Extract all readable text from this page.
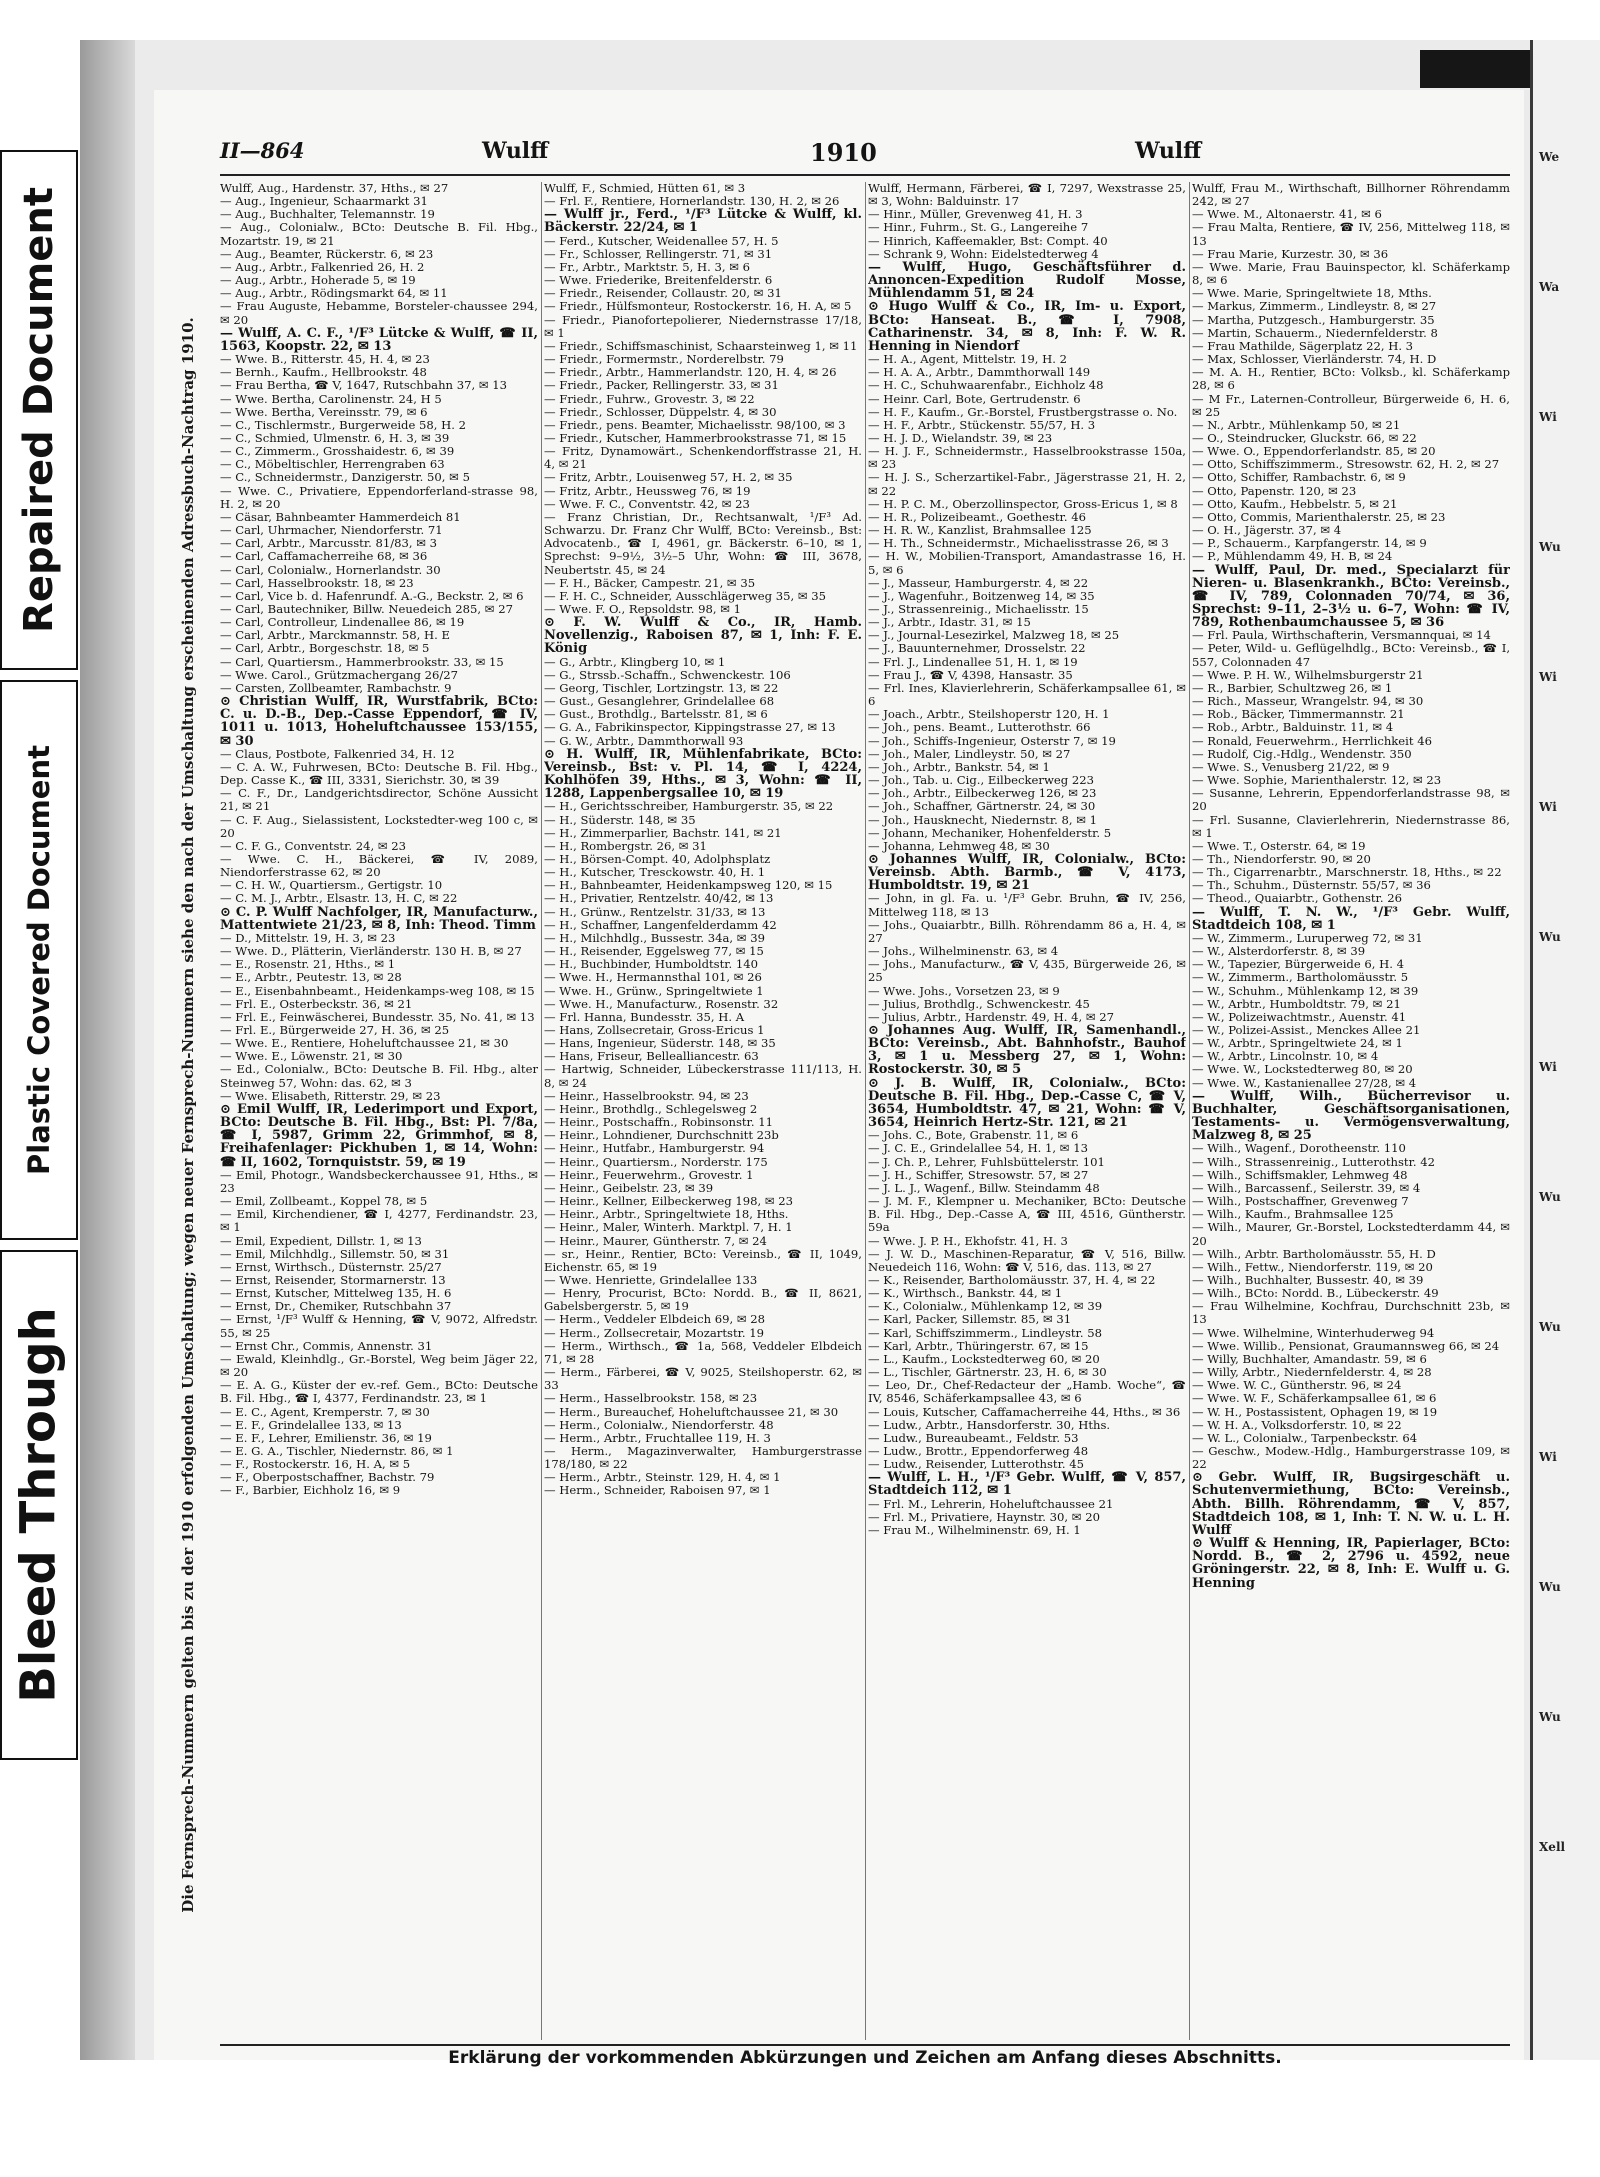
Repaired Document
Plastic Covered Document
Bleed Through
We
Wa
Wi
Wu
Wi
Wi
Wu
Wi
Wu
Wu
Wi
Wu
Wu
Xell
II—864	Wulff	1910	Wulff
Die Fernsprech-Nummern gelten bis zu der 1910 erfolgenden Umschaltung; wegen neuer Fernsprech-Nummern siehe den nach der Umschaltung erscheinenden Adressbuch-Nachtrag 1910.
Wulff, Aug., Hardenstr. 37, Hths., ✉ 27
— Aug., Ingenieur, Schaarmarkt 31
— Aug., Buchhalter, Telemannstr. 19
— Aug., Colonialw., BCto: Deutsche B. Fil. Hbg., Mozartstr. 19, ✉ 21
— Aug., Beamter, Rückerstr. 6, ✉ 23
— Aug., Arbtr., Falkenried 26, H. 2
— Aug., Arbtr., Hoherade 5, ✉ 19
— Aug., Arbtr., Rödingsmarkt 64, ✉ 11
— Frau Auguste, Hebamme, Borsteler-chaussee 294, ✉ 20
— Wulff, A. C. F., ¹/F³ Lütcke & Wulff, ☎ II, 1563, Koopstr. 22, ✉ 13
— Wwe. B., Ritterstr. 45, H. 4, ✉ 23
— Bernh., Kaufm., Hellbrookstr. 48
— Frau Bertha, ☎ V, 1647, Rutschbahn 37, ✉ 13
— Wwe. Bertha, Carolinenstr. 24, H 5
— Wwe. Bertha, Vereinsstr. 79, ✉ 6
— C., Tischlermstr., Burgerweide 58, H. 2
— C., Schmied, Ulmenstr. 6, H. 3, ✉ 39
— C., Zimmerm., Grosshaidestr. 6, ✉ 39
— C., Möbeltischler, Herrengraben 63
— C., Schneidermstr., Danzigerstr. 50, ✉ 5
— Wwe. C., Privatiere, Eppendorferland-strasse 98, H. 2, ✉ 20
— Cäsar, Bahnbeamter Hammerdeich 81
— Carl, Uhrmacher, Niendorferstr. 71
— Carl, Arbtr., Marcusstr. 81/83, ✉ 3
— Carl, Caffamacherreihe 68, ✉ 36
— Carl, Colonialw., Hornerlandstr. 30
— Carl, Hasselbrookstr. 18, ✉ 23
— Carl, Vice b. d. Hafenrundf. A.-G., Beckstr. 2, ✉ 6
— Carl, Bautechniker, Billw. Neuedeich 285, ✉ 27
— Carl, Controlleur, Lindenallee 86, ✉ 19
— Carl, Arbtr., Marckmannstr. 58, H. E
— Carl, Arbtr., Borgeschstr. 18, ✉ 5
— Carl, Quartiersm., Hammerbrookstr. 33, ✉ 15
— Wwe. Carol., Grützmachergang 26/27
— Carsten, Zollbeamter, Rambachstr. 9
⊙ Christian Wulff, IR, Wurstfabrik, BCto: C. u. D.-B., Dep.-Casse Eppendorf, ☎ IV, 1011 u. 1013, Hoheluftchaussee 153/155, ✉ 30
— Claus, Postbote, Falkenried 34, H. 12
— C. A. W., Fuhrwesen, BCto: Deutsche B. Fil. Hbg., Dep. Casse K., ☎ III, 3331, Sierichstr. 30, ✉ 39
— C. F., Dr., Landgerichtsdirector, Schöne Aussicht 21, ✉ 21
— C. F. Aug., Sielassistent, Lockstedter-weg 100 c, ✉ 20
— C. F. G., Conventstr. 24, ✉ 23
— Wwe. C. H., Bäckerei, ☎ IV, 2089, Niendorferstrasse 62, ✉ 20
— C. H. W., Quartiersm., Gertigstr. 10
— C. M. J., Arbtr., Elsastr. 13, H. C, ✉ 22
⊙ C. P. Wulff Nachfolger, IR, Manufacturw., Mattentwiete 21/23, ✉ 8, Inh: Theod. Timm
— D., Mittelstr. 19, H. 3, ✉ 23
— Wwe. D., Plätterin, Vierländerstr. 130 H. B, ✉ 27
— E., Rosenstr. 21, Hths., ✉ 1
— E., Arbtr., Peutestr. 13, ✉ 28
— E., Eisenbahnbeamt., Heidenkamps-weg 108, ✉ 15
— Frl. E., Osterbeckstr. 36, ✉ 21
— Frl. E., Feinwäscherei, Bundesstr. 35, No. 41, ✉ 13
— Frl. E., Bürgerweide 27, H. 36, ✉ 25
— Wwe. E., Rentiere, Hoheluftchaussee 21, ✉ 30
— Wwe. E., Löwenstr. 21, ✉ 30
— Ed., Colonialw., BCto: Deutsche B. Fil. Hbg., alter Steinweg 57, Wohn: das. 62, ✉ 3
— Wwe. Elisabeth, Ritterstr. 29, ✉ 23
⊙ Emil Wulff, IR, Lederimport und Export, BCto: Deutsche B. Fil. Hbg., Bst: Pl. 7/8a, ☎ I, 5987, Grimm 22, Grimmhof, ✉ 8, Freihafenlager: Pickhuben 1, ✉ 14, Wohn: ☎ II, 1602, Tornquiststr. 59, ✉ 19
— Emil, Photogr., Wandsbeckerchaussee 91, Hths., ✉ 23
— Emil, Zollbeamt., Koppel 78, ✉ 5
— Emil, Kirchendiener, ☎ I, 4277, Ferdinandstr. 23, ✉ 1
— Emil, Expedient, Dillstr. 1, ✉ 13
— Emil, Milchhdlg., Sillemstr. 50, ✉ 31
— Ernst, Wirthsch., Düsternstr. 25/27
— Ernst, Reisender, Stormarnerstr. 13
— Ernst, Kutscher, Mittelweg 135, H. 6
— Ernst, Dr., Chemiker, Rutschbahn 37
— Ernst, ¹/F³ Wulff & Henning, ☎ V, 9072, Alfredstr. 55, ✉ 25
— Ernst Chr., Commis, Annenstr. 31
— Ewald, Kleinhdlg., Gr.-Borstel, Weg beim Jäger 22, ✉ 20
— E. A. G., Küster der ev.-ref. Gem., BCto: Deutsche B. Fil. Hbg., ☎ I, 4377, Ferdinandstr. 23, ✉ 1
— E. C., Agent, Kremperstr. 7, ✉ 30
— E. F., Grindelallee 133, ✉ 13
— E. F., Lehrer, Emilienstr. 36, ✉ 19
— E. G. A., Tischler, Niedernstr. 86, ✉ 1
— F., Rostockerstr. 16, H. A, ✉ 5
— F., Oberpostschaffner, Bachstr. 79
— F., Barbier, Eichholz 16, ✉ 9
Wulff, F., Schmied, Hütten 61, ✉ 3
— Frl. F., Rentiere, Hornerlandstr. 130, H. 2, ✉ 26
— Wulff jr., Ferd., ¹/F³ Lütcke & Wulff, kl. Bäckerstr. 22/24, ✉ 1
— Ferd., Kutscher, Weidenallee 57, H. 5
— Fr., Schlosser, Rellingerstr. 71, ✉ 31
— Fr., Arbtr., Marktstr. 5, H. 3, ✉ 6
— Wwe. Friederike, Breitenfelderstr. 6
— Friedr., Reisender, Collaustr. 20, ✉ 31
— Friedr., Hülfsmonteur, Rostockerstr. 16, H. A, ✉ 5
— Friedr., Pianofortepolierer, Niedernstrasse 17/18, ✉ 1
— Friedr., Schiffsmaschinist, Schaarsteinweg 1, ✉ 11
— Friedr., Formermstr., Norderelbstr. 79
— Friedr., Arbtr., Hammerlandstr. 120, H. 4, ✉ 26
— Friedr., Packer, Rellingerstr. 33, ✉ 31
— Friedr., Fuhrw., Grovestr. 3, ✉ 22
— Friedr., Schlosser, Düppelstr. 4, ✉ 30
— Friedr., pens. Beamter, Michaelisstr. 98/100, ✉ 3
— Friedr., Kutscher, Hammerbrookstrasse 71, ✉ 15
— Fritz, Dynamowärt., Schenkendorffstrasse 21, H. 4, ✉ 21
— Fritz, Arbtr., Louisenweg 57, H. 2, ✉ 35
— Fritz, Arbtr., Heussweg 76, ✉ 19
— Wwe. F. C., Conventstr. 42, ✉ 23
— Franz Christian, Dr., Rechtsanwalt, ¹/F³ Ad. Schwarzu. Dr. Franz Chr Wulff, BCto: Vereinsb., Bst: Advocatenb., ☎ I, 4961, gr. Bäckerstr. 6–10, ✉ 1, Sprechst: 9–9½, 3½–5 Uhr, Wohn: ☎ III, 3678, Neubertstr. 45, ✉ 24
— F. H., Bäcker, Campestr. 21, ✉ 35
— F. H. C., Schneider, Ausschlägerweg 35, ✉ 35
— Wwe. F. O., Repsoldstr. 98, ✉ 1
⊙ F. W. Wulff & Co., IR, Hamb. Novellenzig., Raboisen 87, ✉ 1, Inh: F. E. König
— G., Arbtr., Klingberg 10, ✉ 1
— G., Strssb.-Schaffn., Schwenckestr. 106
— Georg, Tischler, Lortzingstr. 13, ✉ 22
— Gust., Gesanglehrer, Grindelallee 68
— Gust., Brothdlg., Bartelsstr. 81, ✉ 6
— G. A., Fabrikinspector, Kippingstrasse 27, ✉ 13
— G. W., Arbtr., Dammthorwall 93
⊙ H. Wulff, IR, Mühlenfabrikate, BCto: Vereinsb., Bst: v. Pl. 14, ☎ I, 4224, Kohlhöfen 39, Hths., ✉ 3, Wohn: ☎ II, 1288, Lappenbergsallee 10, ✉ 19
— H., Gerichtsschreiber, Hamburgerstr. 35, ✉ 22
— H., Süderstr. 148, ✉ 35
— H., Zimmerparlier, Bachstr. 141, ✉ 21
— H., Rombergstr. 26, ✉ 31
— H., Börsen-Compt. 40, Adolphsplatz
— H., Kutscher, Tresckowstr. 40, H. 1
— H., Bahnbeamter, Heidenkampsweg 120, ✉ 15
— H., Privatier, Rentzelstr. 40/42, ✉ 13
— H., Grünw., Rentzelstr. 31/33, ✉ 13
— H., Schaffner, Langenfelderdamm 42
— H., Milchhdlg., Bussestr. 34a, ✉ 39
— H., Reisender, Eggelsweg 77, ✉ 15
— H., Buchbinder, Humboldtstr. 140
— Wwe. H., Hermannsthal 101, ✉ 26
— Wwe. H., Grünw., Springeltwiete 1
— Wwe. H., Manufacturw., Rosenstr. 32
— Frl. Hanna, Bundesstr. 35, H. A
— Hans, Zollsecretair, Gross-Ericus 1
— Hans, Ingenieur, Süderstr. 148, ✉ 35
— Hans, Friseur, Bellealliancestr. 63
— Hartwig, Schneider, Lübeckerstrasse 111/113, H. 8, ✉ 24
— Heinr., Hasselbrookstr. 94, ✉ 23
— Heinr., Brothdlg., Schlegelsweg 2
— Heinr., Postschaffn., Robinsonstr. 11
— Heinr., Lohndiener, Durchschnitt 23b
— Heinr., Hutfabr., Hamburgerstr. 94
— Heinr., Quartiersm., Norderstr. 175
— Heinr., Feuerwehrm., Grovestr. 1
— Heinr., Geibelstr. 23, ✉ 39
— Heinr., Kellner, Eilbeckerweg 198, ✉ 23
— Heinr., Arbtr., Springeltwiete 18, Hths.
— Heinr., Maler, Winterh. Marktpl. 7, H. 1
— Heinr., Maurer, Güntherstr. 7, ✉ 24
— sr., Heinr., Rentier, BCto: Vereinsb., ☎ II, 1049, Eichenstr. 65, ✉ 19
— Wwe. Henriette, Grindelallee 133
— Henry, Procurist, BCto: Nordd. B., ☎ II, 8621, Gabelsbergerstr. 5, ✉ 19
— Herm., Veddeler Elbdeich 69, ✉ 28
— Herm., Zollsecretair, Mozartstr. 19
— Herm., Wirthsch., ☎ 1a, 568, Veddeler Elbdeich 71, ✉ 28
— Herm., Färberei, ☎ V, 9025, Steilshoperstr. 62, ✉ 33
— Herm., Hasselbrookstr. 158, ✉ 23
— Herm., Bureauchef, Hoheluftchaussee 21, ✉ 30
— Herm., Colonialw., Niendorferstr. 48
— Herm., Arbtr., Fruchtallee 119, H. 3
— Herm., Magazinverwalter, Hamburgerstrasse 178/180, ✉ 22
— Herm., Arbtr., Steinstr. 129, H. 4, ✉ 1
— Herm., Schneider, Raboisen 97, ✉ 1
Wulff, Hermann, Färberei, ☎ I, 7297, Wexstrasse 25, ✉ 3, Wohn: Balduinstr. 17
— Hinr., Müller, Grevenweg 41, H. 3
— Hinr., Fuhrm., St. G., Langereihe 7
— Hinrich, Kaffeemakler, Bst: Compt. 40
— Schrank 9, Wohn: Eidelstedterweg 4
— Wulff, Hugo, Geschäftsführer d. Annoncen-Expedition Rudolf Mosse, Mühlendamm 51, ✉ 24
⊙ Hugo Wulff & Co., IR, Im- u. Export, BCto: Hanseat. B., ☎ I, 7908, Catharinenstr. 34, ✉ 8, Inh: F. W. R. Henning in Niendorf
— H. A., Agent, Mittelstr. 19, H. 2
— H. A. A., Arbtr., Dammthorwall 149
— H. C., Schuhwaarenfabr., Eichholz 48
— Heinr. Carl, Bote, Gertrudenstr. 6
— H. F., Kaufm., Gr.-Borstel, Frustbergstrasse o. No.
— H. F., Arbtr., Stückenstr. 55/57, H. 3
— H. J. D., Wielandstr. 39, ✉ 23
— H. J. F., Schneidermstr., Hasselbrookstrasse 150a, ✉ 23
— H. J. S., Scherzartikel-Fabr., Jägerstrasse 21, H. 2, ✉ 22
— H. P. C. M., Oberzollinspector, Gross-Ericus 1, ✉ 8
— H. R., Polizeibeamt., Goethestr. 46
— H. R. W., Kanzlist, Brahmsallee 125
— H. Th., Schneidermstr., Michaelisstrasse 26, ✉ 3
— H. W., Mobilien-Transport, Amandastrasse 16, H. 5, ✉ 6
— J., Masseur, Hamburgerstr. 4, ✉ 22
— J., Wagenfuhr., Boitzenweg 14, ✉ 35
— J., Strassenreinig., Michaelisstr. 15
— J., Arbtr., Idastr. 31, ✉ 15
— J., Journal-Lesezirkel, Malzweg 18, ✉ 25
— J., Bauunternehmer, Drosselstr. 22
— Frl. J., Lindenallee 51, H. 1, ✉ 19
— Frau J., ☎ V, 4398, Hansastr. 35
— Frl. Ines, Klavierlehrerin, Schäferkampsallee 61, ✉ 6
— Joach., Arbtr., Steilshoperstr 120, H. 1
— Joh., pens. Beamt., Lutterothstr. 66
— Joh., Schiffs-Ingenieur, Osterstr 7, ✉ 19
— Joh., Maler, Lindleystr. 50, ✉ 27
— Joh., Arbtr., Bankstr. 54, ✉ 1
— Joh., Tab. u. Cig., Eilbeckerweg 223
— Joh., Arbtr., Eilbeckerweg 126, ✉ 23
— Joh., Schaffner, Gärtnerstr. 24, ✉ 30
— Joh., Hausknecht, Niedernstr. 8, ✉ 1
— Johann, Mechaniker, Hohenfelderstr. 5
— Johanna, Lehmweg 48, ✉ 30
⊙ Johannes Wulff, IR, Colonialw., BCto: Vereinsb. Abth. Barmb., ☎ V, 4173, Humboldtstr. 19, ✉ 21
— John, in gl. Fa. u. ¹/F³ Gebr. Bruhn, ☎ IV, 256, Mittelweg 118, ✉ 13
— Johs., Quaiarbtr., Billh. Röhrendamm 86 a, H. 4, ✉ 27
— Johs., Wilhelminenstr. 63, ✉ 4
— Johs., Manufacturw., ☎ V, 435, Bürgerweide 26, ✉ 25
— Wwe. Johs., Vorsetzen 23, ✉ 9
— Julius, Brothdlg., Schwenckestr. 45
— Julius, Arbtr., Hardenstr. 49, H. 4, ✉ 27
⊙ Johannes Aug. Wulff, IR, Samenhandl., BCto: Vereinsb., Abt. Bahnhofstr., Bauhof 3, ✉ 1 u. Messberg 27, ✉ 1, Wohn: Rostockerstr. 30, ✉ 5
⊙ J. B. Wulff, IR, Colonialw., BCto: Deutsche B. Fil. Hbg., Dep.-Casse C, ☎ V, 3654, Humboldtstr. 47, ✉ 21, Wohn: ☎ V, 3654, Heinrich Hertz-Str. 121, ✉ 21
— Johs. C., Bote, Grabenstr. 11, ✉ 6
— J. C. E., Grindelallee 54, H. 1, ✉ 13
— J. Ch. P., Lehrer, Fuhlsbüttelerstr. 101
— J. H., Schiffer, Stresowstr. 57, ✉ 27
— J. L. J., Wagenf., Billw. Steindamm 48
— J. M. F., Klempner u. Mechaniker, BCto: Deutsche B. Fil. Hbg., Dep.-Casse A, ☎ III, 4516, Güntherstr. 59a
— Wwe. J. P. H., Ekhofstr. 41, H. 3
— J. W. D., Maschinen-Reparatur, ☎ V, 516, Billw. Neuedeich 116, Wohn: ☎ V, 516, das. 113, ✉ 27
— K., Reisender, Bartholomäusstr. 37, H. 4, ✉ 22
— K., Wirthsch., Bankstr. 44, ✉ 1
— K., Colonialw., Mühlenkamp 12, ✉ 39
— Karl, Packer, Sillemstr. 85, ✉ 31
— Karl, Schiffszimmerm., Lindleystr. 58
— Karl, Arbtr., Thüringerstr. 67, ✉ 15
— L., Kaufm., Lockstedterweg 60, ✉ 20
— L., Tischler, Gärtnerstr. 23, H. 6, ✉ 30
— Leo, Dr., Chef-Redacteur der „Hamb. Woche“, ☎ IV, 8546, Schäferkampsallee 43, ✉ 6
— Louis, Kutscher, Caffamacherreihe 44, Hths., ✉ 36
— Ludw., Arbtr., Hansdorferstr. 30, Hths.
— Ludw., Bureaubeamt., Feldstr. 53
— Ludw., Brottr., Eppendorferweg 48
— Ludw., Reisender, Lutterothstr. 45
— Wulff, L. H., ¹/F³ Gebr. Wulff, ☎ V, 857, Stadtdeich 112, ✉ 1
— Frl. M., Lehrerin, Hoheluftchaussee 21
— Frl. M., Privatiere, Haynstr. 30, ✉ 20
— Frau M., Wilhelminenstr. 69, H. 1
Wulff, Frau M., Wirthschaft, Billhorner Röhrendamm 242, ✉ 27
— Wwe. M., Altonaerstr. 41, ✉ 6
— Frau Malta, Rentiere, ☎ IV, 256, Mittelweg 118, ✉ 13
— Frau Marie, Kurzestr. 30, ✉ 36
— Wwe. Marie, Frau Bauinspector, kl. Schäferkamp 8, ✉ 6
— Wwe. Marie, Springeltwiete 18, Mths.
— Markus, Zimmerm., Lindleystr. 8, ✉ 27
— Martha, Putzgesch., Hamburgerstr. 35
— Martin, Schauerm., Niedernfelderstr. 8
— Frau Mathilde, Sägerplatz 22, H. 3
— Max, Schlosser, Vierländerstr. 74, H. D
— M. A. H., Rentier, BCto: Volksb., kl. Schäferkamp 28, ✉ 6
— M Fr., Laternen-Controlleur, Bürgerweide 6, H. 6, ✉ 25
— N., Arbtr., Mühlenkamp 50, ✉ 21
— O., Steindrucker, Gluckstr. 66, ✉ 22
— Wwe. O., Eppendorferlandstr. 85, ✉ 20
— Otto, Schiffszimmerm., Stresowstr. 62, H. 2, ✉ 27
— Otto, Schiffer, Rambachstr. 6, ✉ 9
— Otto, Papenstr. 120, ✉ 23
— Otto, Kaufm., Hebbelstr. 5, ✉ 21
— Otto, Commis, Marienthalerstr. 25, ✉ 23
— O. H., Jägerstr. 37, ✉ 4
— P., Schauerm., Karpfangerstr. 14, ✉ 9
— P., Mühlendamm 49, H. B, ✉ 24
— Wulff, Paul, Dr. med., Specialarzt für Nieren- u. Blasenkrankh., BCto: Vereinsb., ☎ IV, 789, Colonnaden 70/74, ✉ 36, Sprechst: 9–11, 2–3½ u. 6–7, Wohn: ☎ IV, 789, Rothenbaumchaussee 5, ✉ 36
— Frl. Paula, Wirthschafterin, Versmannquai, ✉ 14
— Peter, Wild- u. Geflügelhdlg., BCto: Vereinsb., ☎ I, 557, Colonnaden 47
— Wwe. P. H. W., Wilhelmsburgerstr 21
— R., Barbier, Schultzweg 26, ✉ 1
— Rich., Masseur, Wrangelstr. 94, ✉ 30
— Rob., Bäcker, Timmermannstr. 21
— Rob., Arbtr., Balduinstr. 11, ✉ 4
— Ronald, Feuerwehrm., Herrlichkeit 46
— Rudolf, Cig.-Hdlg., Wendenstr. 350
— Wwe. S., Venusberg 21/22, ✉ 9
— Wwe. Sophie, Marienthalerstr. 12, ✉ 23
— Susanne, Lehrerin, Eppendorferlandstrasse 98, ✉ 20
— Frl. Susanne, Clavierlehrerin, Niedernstrasse 86, ✉ 1
— Wwe. T., Osterstr. 64, ✉ 19
— Th., Niendorferstr. 90, ✉ 20
— Th., Cigarrenarbtr., Marschnerstr. 18, Hths., ✉ 22
— Th., Schuhm., Düsternstr. 55/57, ✉ 36
— Theod., Quaiarbtr., Gothenstr. 26
— Wulff, T. N. W., ¹/F³ Gebr. Wulff, Stadtdeich 108, ✉ 1
— W., Zimmerm., Luruperweg 72, ✉ 31
— W., Alsterdorferstr. 8, ✉ 39
— W., Tapezier, Bürgerweide 6, H. 4
— W., Zimmerm., Bartholomäusstr. 5
— W., Schuhm., Mühlenkamp 12, ✉ 39
— W., Arbtr., Humboldtstr. 79, ✉ 21
— W., Polizeiwachtmstr., Auenstr. 41
— W., Polizei-Assist., Menckes Allee 21
— W., Arbtr., Springeltwiete 24, ✉ 1
— W., Arbtr., Lincolnstr. 10, ✉ 4
— Wwe. W., Lockstedterweg 80, ✉ 20
— Wwe. W., Kastanienallee 27/28, ✉ 4
— Wulff, Wilh., Bücherrevisor u. Buchhalter, Geschäftsorganisationen, Testaments- u. Vermögensverwaltung, Malzweg 8, ✉ 25
— Wilh., Wagenf., Dorotheenstr. 110
— Wilh., Strassenreinig., Lutterothstr. 42
— Wilh., Schiffsmakler, Lehmweg 48
— Wilh., Barcassenf., Seilerstr. 39, ✉ 4
— Wilh., Postschaffner, Grevenweg 7
— Wilh., Kaufm., Brahmsallee 125
— Wilh., Maurer, Gr.-Borstel, Lockstedterdamm 44, ✉ 20
— Wilh., Arbtr. Bartholomäusstr. 55, H. D
— Wilh., Fettw., Niendorferstr. 119, ✉ 20
— Wilh., Buchhalter, Bussestr. 40, ✉ 39
— Wilh., BCto: Nordd. B., Lübeckerstr. 49
— Frau Wilhelmine, Kochfrau, Durchschnitt 23b, ✉ 13
— Wwe. Wilhelmine, Winterhuderweg 94
— Wwe. Willib., Pensionat, Graumannsweg 66, ✉ 24
— Willy, Buchhalter, Amandastr. 59, ✉ 6
— Willy, Arbtr., Niedernfelderstr. 4, ✉ 28
— Wwe. W. C., Güntherstr. 96, ✉ 24
— Wwe. W. F., Schäferkampsallee 61, ✉ 6
— W. H., Postassistent, Ophagen 19, ✉ 19
— W. H. A., Volksdorferstr. 10, ✉ 22
— W. L., Colonialw., Tarpenbeckstr. 64
— Geschw., Modew.-Hdlg., Hamburgerstrasse 109, ✉ 22
⊙ Gebr. Wulff, IR, Bugsirgeschäft u. Schutenvermiethung, BCto: Vereinsb., Abth. Billh. Röhrendamm, ☎ V, 857, Stadtdeich 108, ✉ 1, Inh: T. N. W. u. L. H. Wulff
⊙ Wulff & Henning, IR, Papierlager, BCto: Nordd. B., ☎ 2, 2796 u. 4592, neue Gröningerstr. 22, ✉ 8, Inh: E. Wulff u. G. Henning
Erklärung der vorkommenden Abkürzungen und Zeichen am Anfang dieses Abschnitts.
